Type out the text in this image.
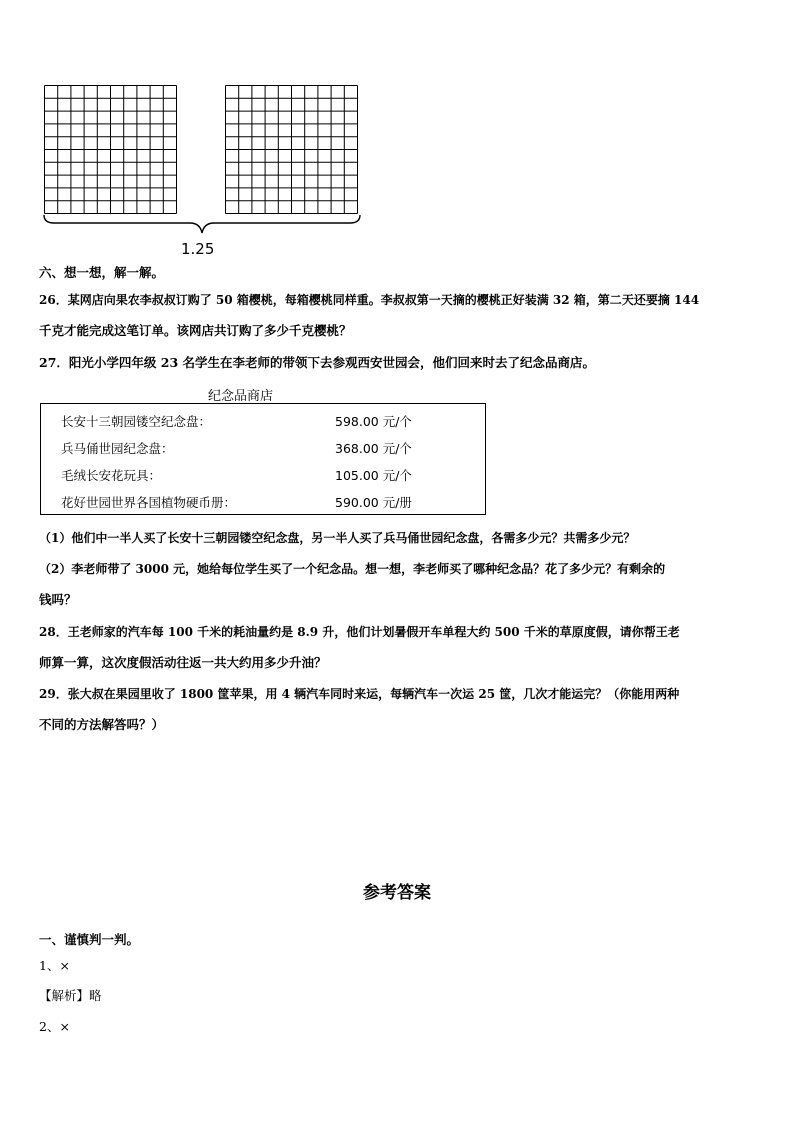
1.25
六、想一想，解一解。
26．某网店向果农李叔叔订购了 50 箱樱桃，每箱樱桃同样重。李叔叔第一天摘的樱桃正好装满 32 箱，第二天还要摘 144
千克才能完成这笔订单。该网店共订购了多少千克樱桃？
27．阳光小学四年级 23 名学生在李老师的带领下去参观西安世园会，他们回来时去了纪念品商店。
纪念品商店
长安十三朝园镂空纪念盘：	598.00 元/个
兵马俑世园纪念盘：	368.00 元/个
毛绒长安花玩具：	105.00 元/个
花好世园世界各国植物硬币册：	590.00 元/册
（1）他们中一半人买了长安十三朝园镂空纪念盘，另一半人买了兵马俑世园纪念盘，各需多少元？共需多少元？
（2）李老师带了 3000 元，她给每位学生买了一个纪念品。想一想，李老师买了哪种纪念品？花了多少元？有剩余的
钱吗？
28．王老师家的汽车每 100 千米的耗油量约是 8.9 升，他们计划暑假开车单程大约 500 千米的草原度假，请你帮王老
师算一算，这次度假活动往返一共大约用多少升油？
29．张大叔在果园里收了 1800 筐苹果，用 4 辆汽车同时来运，每辆汽车一次运 25 筐，几次才能运完？（你能用两种
不同的方法解答吗？）
参考答案
一、谨慎判一判。
1、×
【解析】略
2、×
